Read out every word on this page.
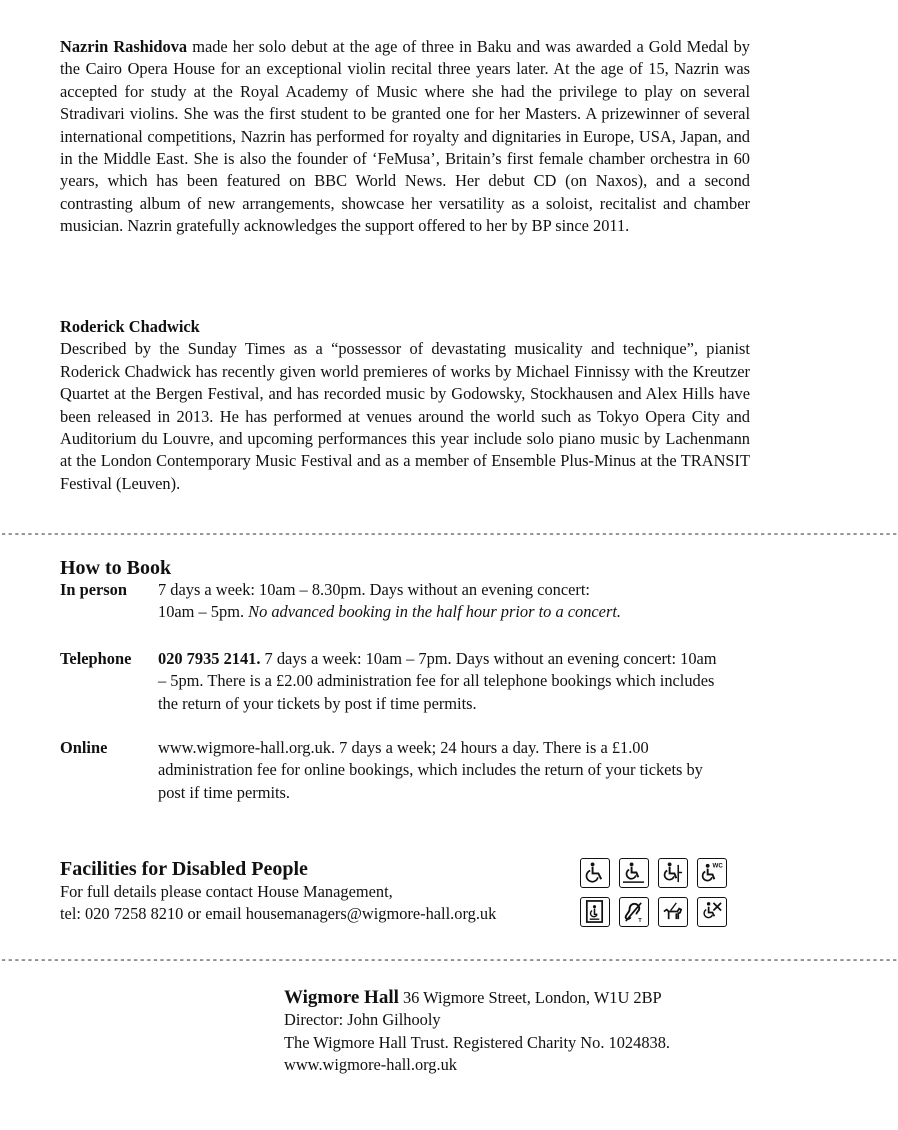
Nazrin Rashidova made her solo debut at the age of three in Baku and was awarded a Gold Medal by the Cairo Opera House for an exceptional violin recital three years later. At the age of 15, Nazrin was accepted for study at the Royal Academy of Music where she had the privilege to play on several Stradivari violins. She was the first student to be granted one for her Masters. A prizewinner of several international competitions, Nazrin has performed for royalty and dignitaries in Europe, USA, Japan, and in the Middle East. She is also the founder of ‘FeMusa’, Britain’s first female chamber orchestra in 60 years, which has been featured on BBC World News. Her debut CD (on Naxos), and a second contrasting album of new arrangements, showcase her versatility as a soloist, recitalist and chamber musician. Nazrin gratefully acknowledges the support offered to her by BP since 2011.

Roderick Chadwick

Described by the Sunday Times as a “possessor of devastating musicality and technique”, pianist Roderick Chadwick has recently given world premieres of works by Michael Finnissy with the Kreutzer Quartet at the Bergen Festival, and has recorded music by Godowsky, Stockhausen and Alex Hills have been released in 2013. He has performed at venues around the world such as Tokyo Opera City and Auditorium du Louvre, and upcoming performances this year include solo piano music by Lachenmann at the London Contemporary Music Festival and as a member of Ensemble Plus-Minus at the TRANSIT Festival (Leuven).

----------------------------------------------------------------------------------------------------------------------------------------
How to Book
In person 7 days a week: 10am – 8.30pm. Days without an evening concert:
10am – 5pm. No advanced booking in the half hour prior to a concert.
Telephone 020 7935 2141. 7 days a week: 10am – 7pm. Days without an evening concert: 10am – 5pm. There is a £2.00 administration fee for all telephone bookings which includes the return of your tickets by post if time permits.

Online	www.wigmore-hall.org.uk. 7 days a week; 24 hours a day. There is a £1.00 administration fee for online bookings, which includes the return of your tickets by post if time permits.

Facilities for Disabled People
For full details please contact House Management,
tel: 020 7258 8210 or email housemanagers@wigmore-hall.org.uk
WC
T
----------------------------------------------------------------------------------------------------------------------------------------
Wigmore Hall 36 Wigmore Street, London, W1U 2BP
Director: John Gilhooly
The Wigmore Hall Trust. Registered Charity No. 1024838.
www.wigmore-hall.org.uk
